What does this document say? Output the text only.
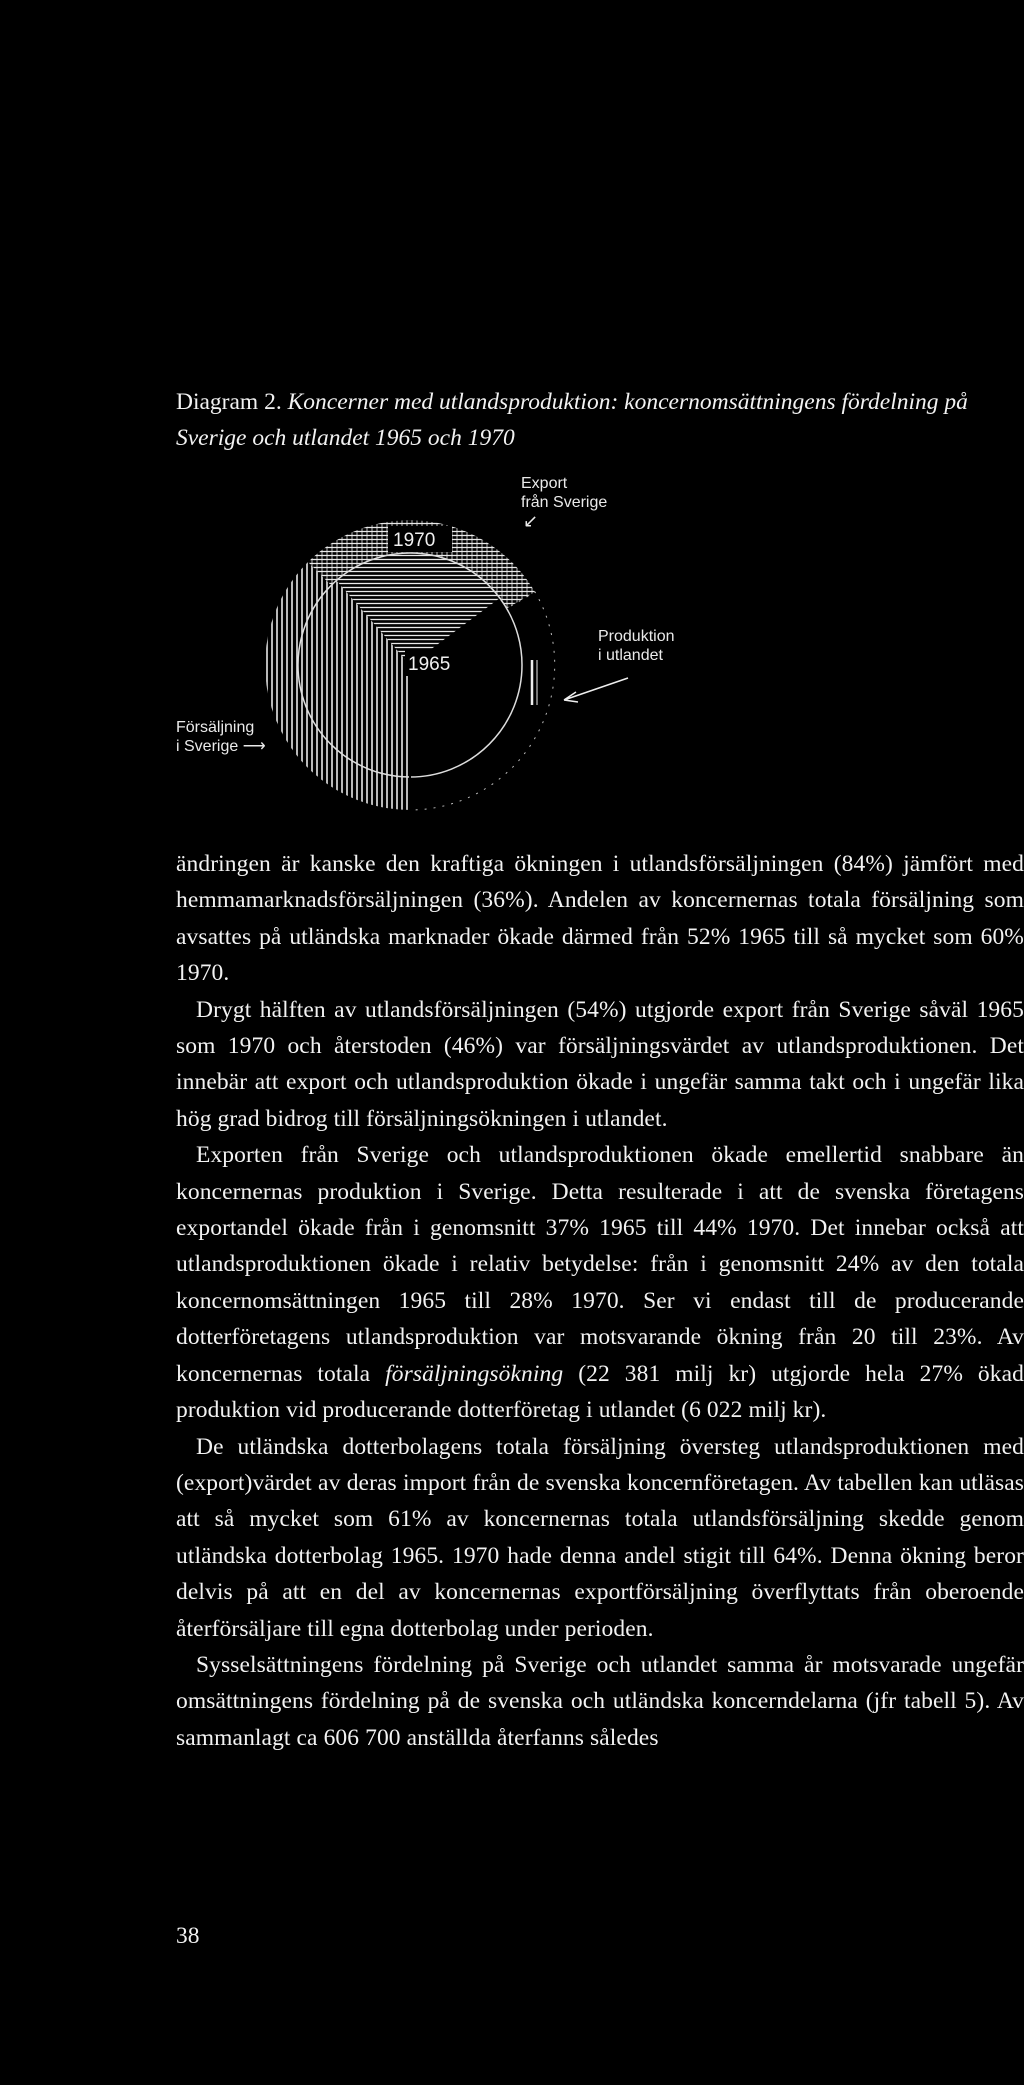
Diagram 2. Koncerner med utlandsproduktion: koncernomsättningens fördelning på Sverige och utlandet 1965 och 1970
1970
1965
Export
från Sverige
↙
Produktion
i utlandet
Försäljning
i Sverige ⟶

ändringen är kanske den kraftiga ökningen i utlandsförsäljningen (84%) jämfört med hemmamarknadsförsäljningen (36%). Andelen av koncernernas totala försäljning som avsattes på utländska marknader ökade därmed från 52% 1965 till så mycket som 60% 1970.

Drygt hälften av utlandsförsäljningen (54%) utgjorde export från Sverige såväl 1965 som 1970 och återstoden (46%) var försäljningsvärdet av utlandsproduktionen. Det innebär att export och utlandsproduktion ökade i ungefär samma takt och i ungefär lika hög grad bidrog till försäljningsökningen i utlandet.

Exporten från Sverige och utlandsproduktionen ökade emellertid snabbare än koncernernas produktion i Sverige. Detta resulterade i att de svenska företagens exportandel ökade från i genomsnitt 37% 1965 till 44% 1970. Det innebar också att utlandsproduktionen ökade i relativ betydelse: från i genomsnitt 24% av den totala koncernomsättningen 1965 till 28% 1970. Ser vi endast till de producerande dotterföretagens utlandsproduktion var motsvarande ökning från 20 till 23%. Av koncernernas totala försäljningsökning (22 381 milj kr) utgjorde hela 27% ökad produktion vid producerande dotterföretag i utlandet (6 022 milj kr).

De utländska dotterbolagens totala försäljning översteg utlandsproduktionen med (export)värdet av deras import från de svenska koncernföretagen. Av tabellen kan utläsas att så mycket som 61% av koncernernas totala utlandsförsäljning skedde genom utländska dotterbolag 1965. 1970 hade denna andel stigit till 64%. Denna ökning beror delvis på att en del av koncernernas exportförsäljning överflyttats från oberoende återförsäljare till egna dotterbolag under perioden.

Sysselsättningens fördelning på Sverige och utlandet samma år motsvarade ungefär omsättningens fördelning på de svenska och utländska koncerndelarna (jfr tabell 5). Av sammanlagt ca 606 700 anställda återfanns således

38
